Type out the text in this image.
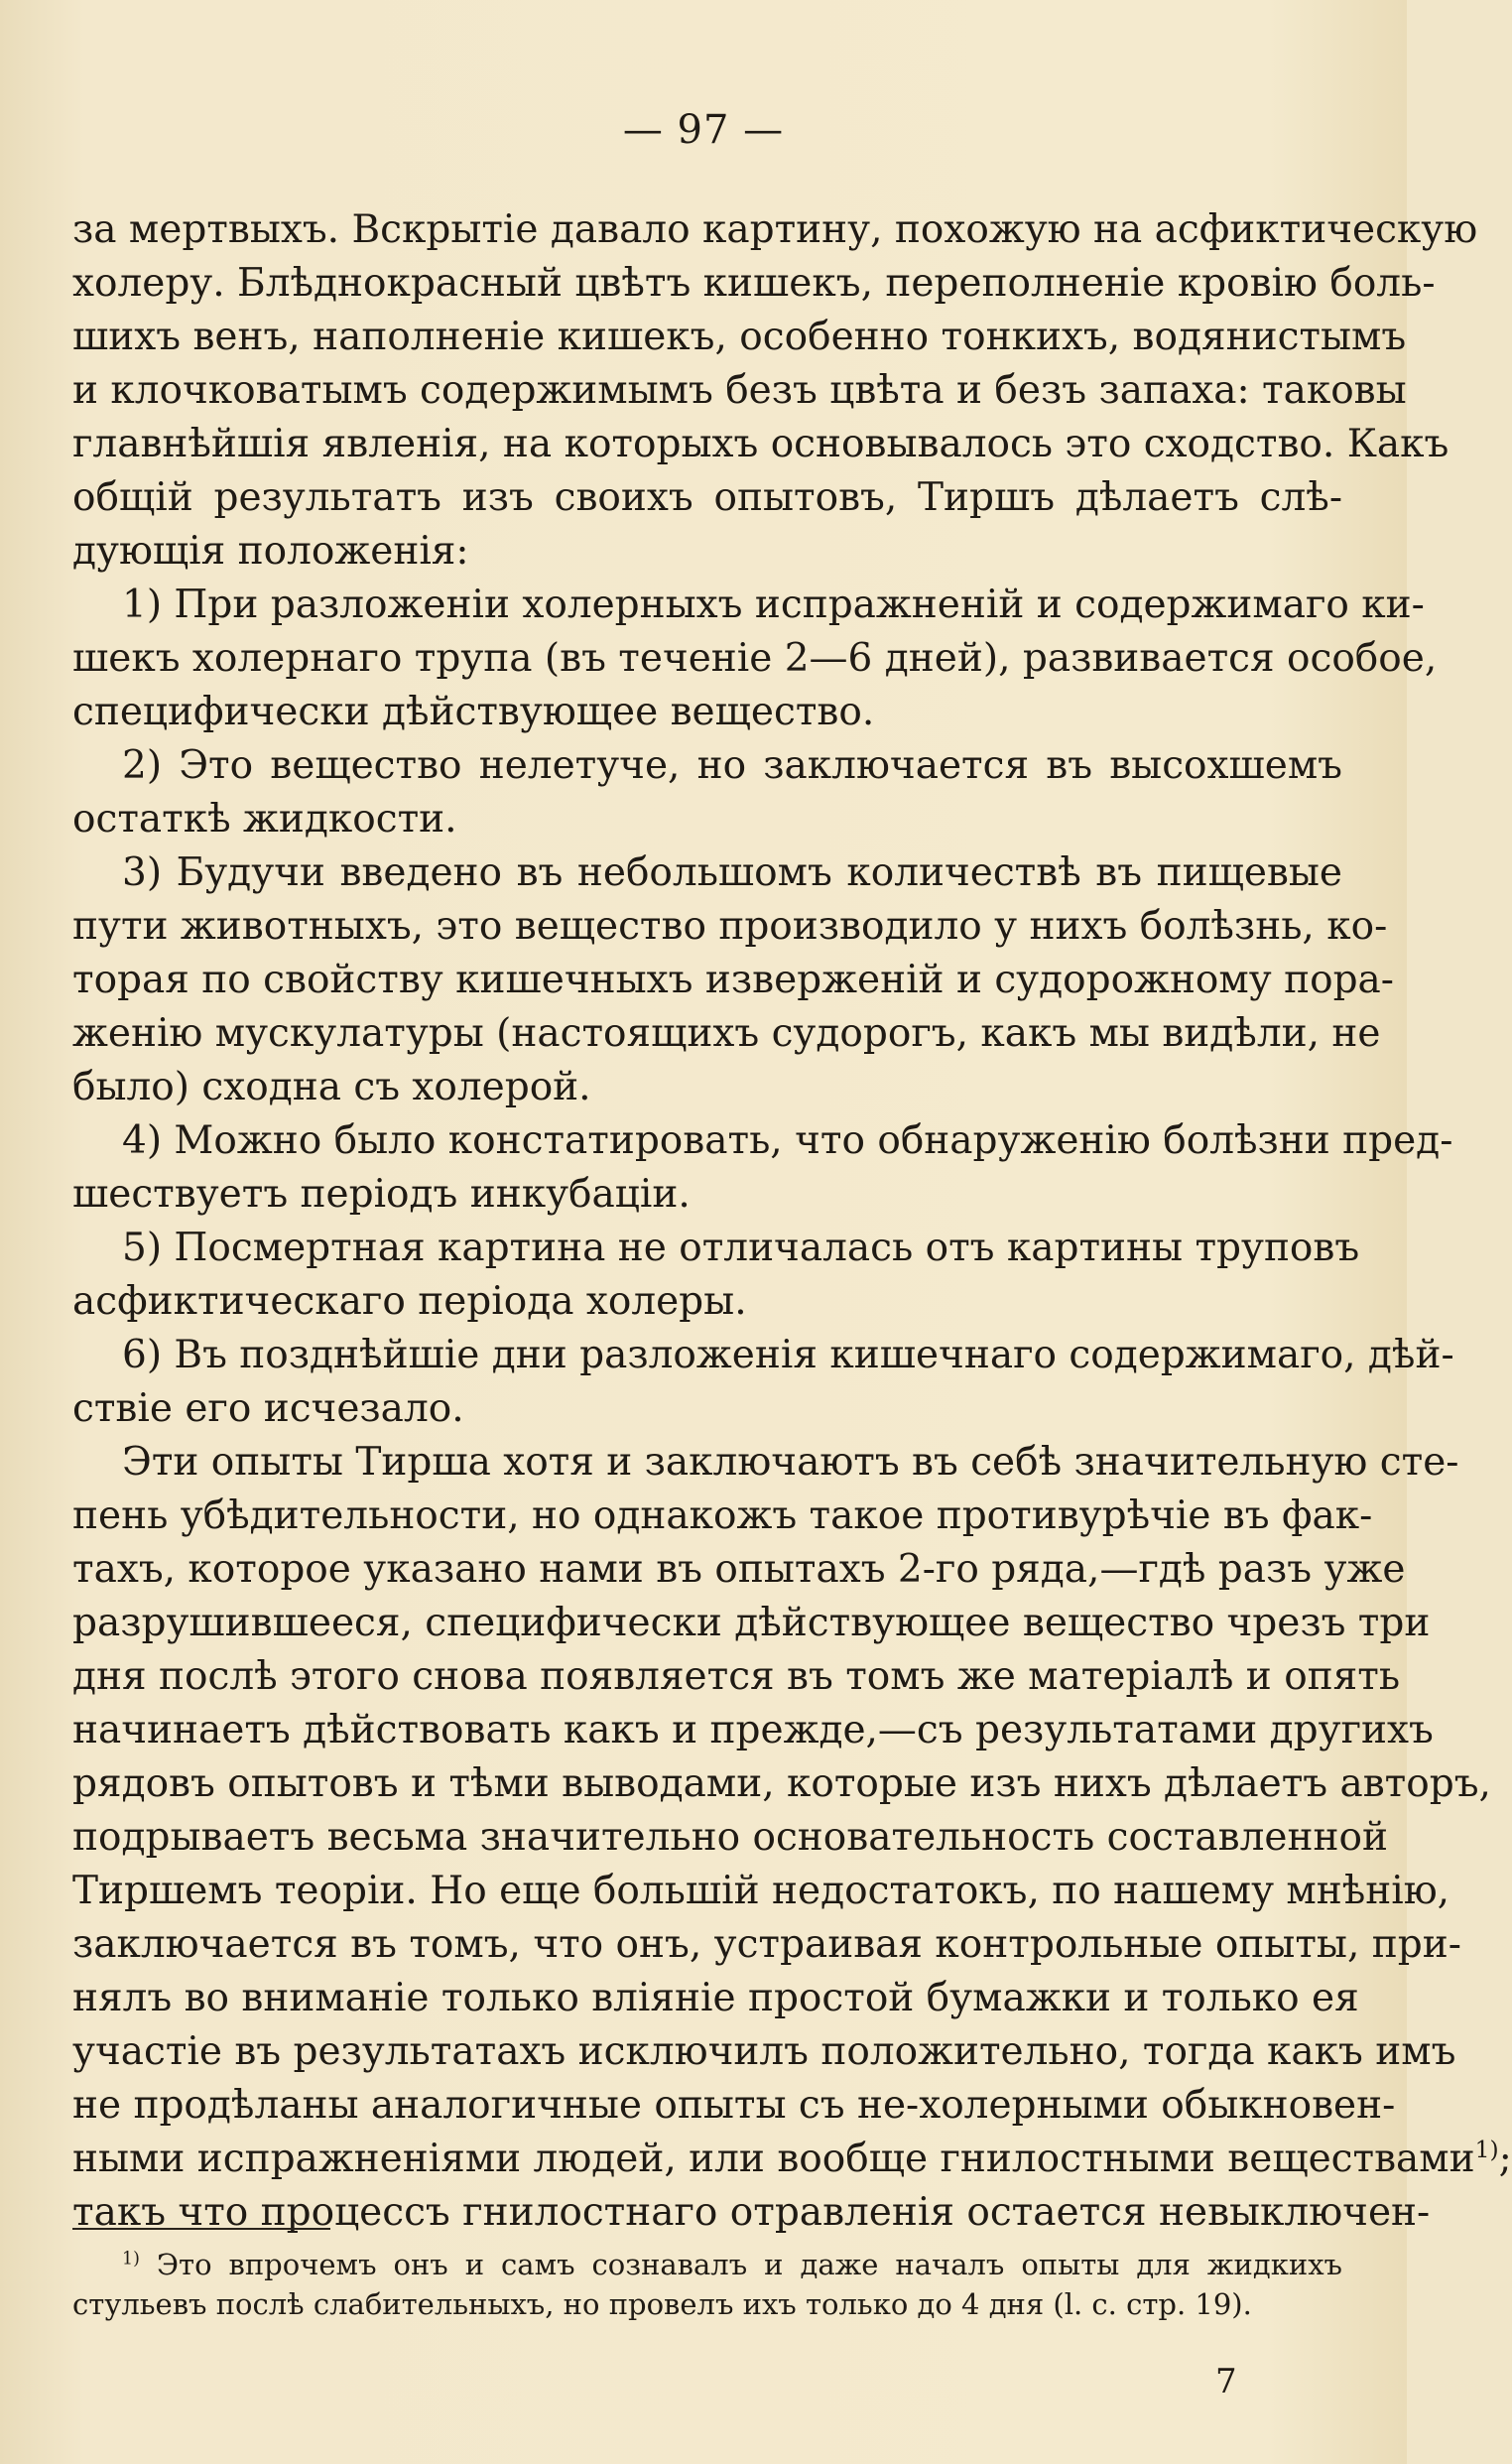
— 97 —
за мертвыхъ. Вскрытіе давало картину, похожую на асфиктическую
холеру. Блѣднокрасный цвѣтъ кишекъ, переполненіе кровію боль-
шихъ венъ, наполненіе кишекъ, особенно тонкихъ, водянистымъ
и клочковатымъ содержимымъ безъ цвѣта и безъ запаха: таковы
главнѣйшія явленія, на которыхъ основывалось это сходство. Какъ
общій результатъ изъ своихъ опытовъ, Тиршъ дѣлаетъ слѣ-
дующія положенія:
1) При разложеніи холерныхъ испражненій и содержимаго ки-
шекъ холернаго трупа (въ теченіе 2—6 дней), развивается особое,
специфически дѣйствующее вещество.
2) Это вещество нелетуче, но заключается въ высохшемъ
остаткѣ жидкости.
3) Будучи введено въ небольшомъ количествѣ въ пищевые
пути животныхъ, это вещество производило у нихъ болѣзнь, ко-
торая по свойству кишечныхъ изверженій и судорожному пора-
женію мускулатуры (настоящихъ судорогъ, какъ мы видѣли, не
было) сходна съ холерой.
4) Можно было констатировать, что обнаруженію болѣзни пред-
шествуетъ періодъ инкубаціи.
5) Посмертная картина не отличалась отъ картины труповъ
асфиктическаго періода холеры.
6) Въ позднѣйшіе дни разложенія кишечнаго содержимаго, дѣй-
ствіе его исчезало.
Эти опыты Тирша хотя и заключаютъ въ себѣ значительную сте-
пень убѣдительности, но однакожъ такое противурѣчіе въ фак-
тахъ, которое указано нами въ опытахъ 2-го ряда,—гдѣ разъ уже
разрушившееся, специфически дѣйствующее вещество чрезъ три
дня послѣ этого снова появляется въ томъ же матеріалѣ и опять
начинаетъ дѣйствовать какъ и прежде,—съ результатами другихъ
рядовъ опытовъ и тѣми выводами, которые изъ нихъ дѣлаетъ авторъ,
подрываетъ весьма значительно основательность составленной
Тиршемъ теоріи. Но еще большій недостатокъ, по нашему мнѣнію,
заключается въ томъ, что онъ, устраивая контрольные опыты, при-
нялъ во вниманіе только вліяніе простой бумажки и только ея
участіе въ результатахъ исключилъ положительно, тогда какъ имъ
не продѣланы аналогичные опыты съ не-холерными обыкновен-
ными испражненіями людей, или вообще гнилостными веществами$^{1)}$;
такъ что процессъ гнилостнаго отравленія остается невыключен-
$^{1)}$ Это впрочемъ онъ и самъ сознавалъ и даже началъ опыты для жидкихъ
стульевъ послѣ слабительныхъ, но провелъ ихъ только до 4 дня (l. c. стр. 19).
7
